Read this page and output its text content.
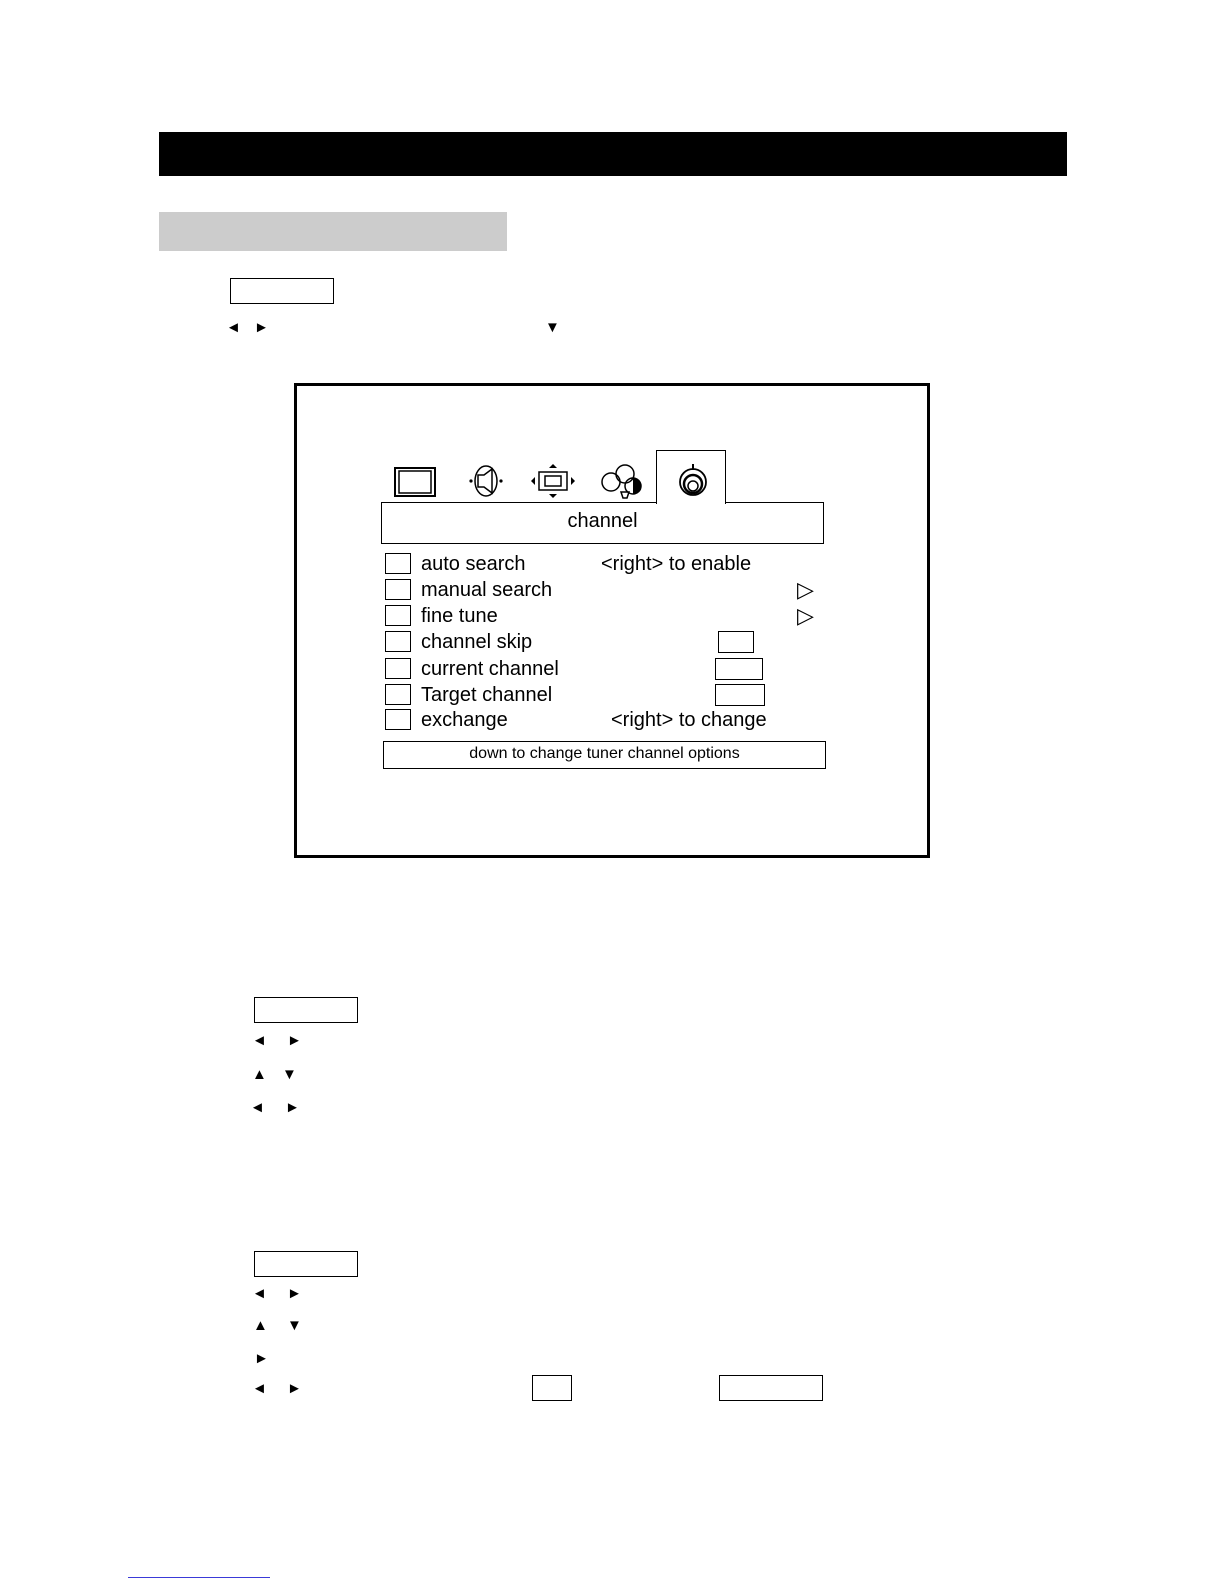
◄ ►	▼
channel
auto search	<right> to enable
manual search	▷
fine tune	▷
channel skip
current channel
Target channel
exchange	<right> to change
down to change tuner channel options
◄ ►
▲ ▼
◄ ►
◄ ►
▲ ▼
►
◄ ►
